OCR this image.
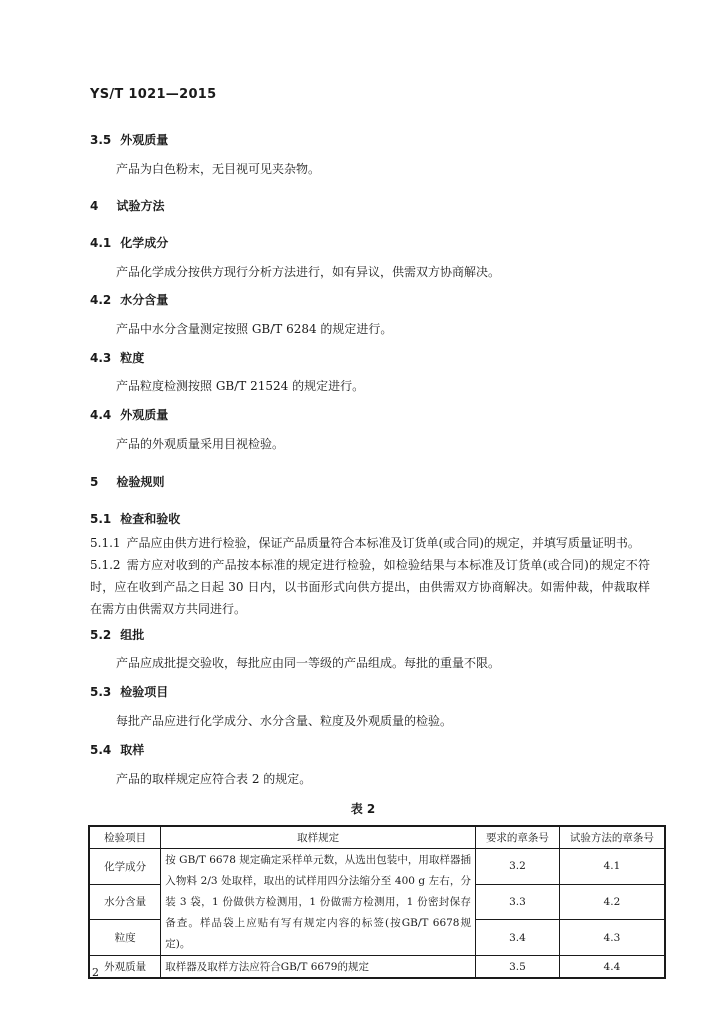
YS/T 1021—2015
3.5 外观质量
产品为白色粉末，无目视可见夹杂物。
4 试验方法
4.1 化学成分
产品化学成分按供方现行分析方法进行，如有异议，供需双方协商解决。
4.2 水分含量
产品中水分含量测定按照 GB/T 6284 的规定进行。
4.3 粒度
产品粒度检测按照 GB/T 21524 的规定进行。
4.4 外观质量
产品的外观质量采用目视检验。
5 检验规则
5.1 检查和验收
5.1.1 产品应由供方进行检验，保证产品质量符合本标准及订货单(或合同)的规定，并填写质量证明书。
5.1.2 需方应对收到的产品按本标准的规定进行检验，如检验结果与本标准及订货单(或合同)的规定不符时，应在收到产品之日起 30 日内，以书面形式向供方提出，由供需双方协商解决。如需仲裁，仲裁取样在需方由供需双方共同进行。
5.2 组批
产品应成批提交验收，每批应由同一等级的产品组成。每批的重量不限。
5.3 检验项目
每批产品应进行化学成分、水分含量、粒度及外观质量的检验。
5.4 取样
产品的取样规定应符合表 2 的规定。
表 2
检验项目	取样规定	要求的章条号	试验方法的章条号
化学成分	按 GB/T 6678 规定确定采样单元数，从选出包装中，用取样器插入物料 2/3 处取样，取出的试样用四分法缩分至 400 g 左右，分装 3 袋，1 份做供方检测用，1 份做需方检测用，1 份密封保存备查。样品袋上应贴有写有规定内容的标签(按GB/T 6678规定)。	3.2	4.1
水分含量		3.3	4.2
粒度		3.4	4.3
外观质量	取样器及取样方法应符合GB/T 6679的规定	3.5	4.4
2
